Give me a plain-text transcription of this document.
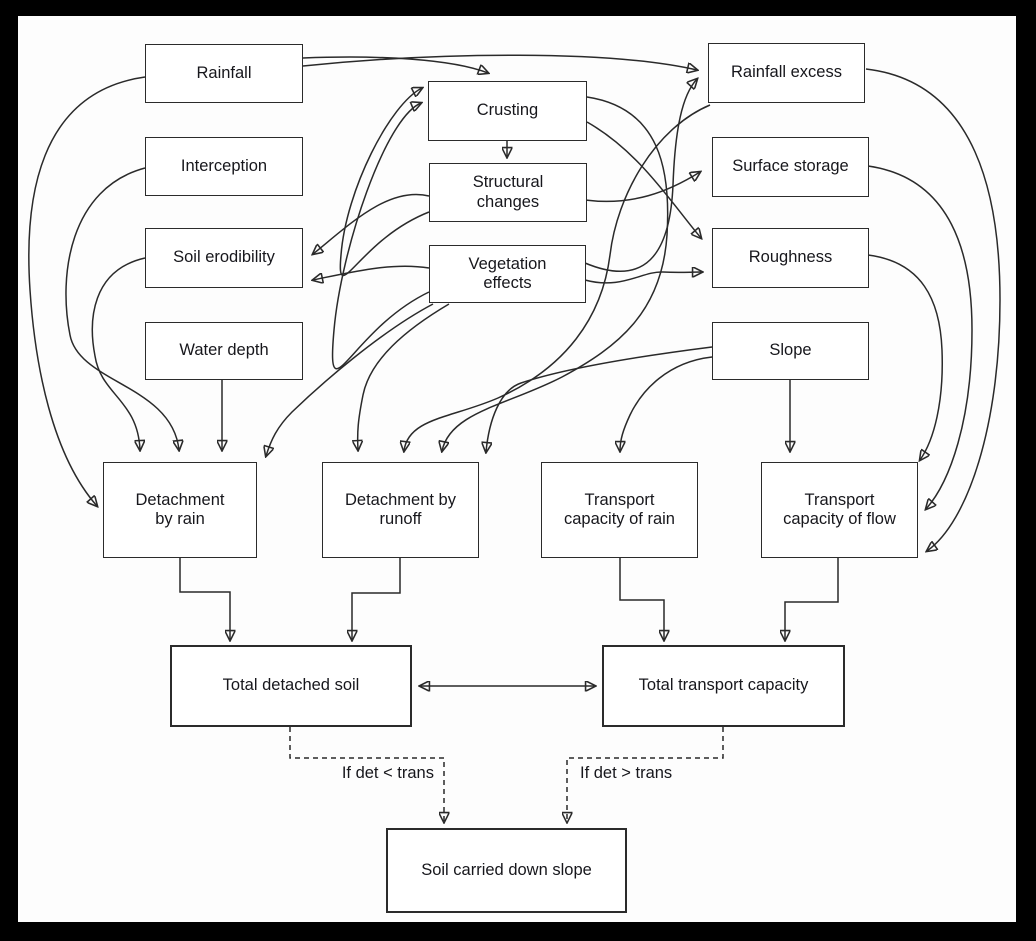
Rainfall
Interception
Soil erodibility
Water depth
Crusting
Structural changes
Vegetation effects
Rainfall excess
Surface storage
Roughness
Slope
Detachment by rain
Detachment by runoff
Transport capacity of rain
Transport capacity of flow
Total detached soil	Total transport capacity
Soil carried down slope
If det < trans	If det > trans
